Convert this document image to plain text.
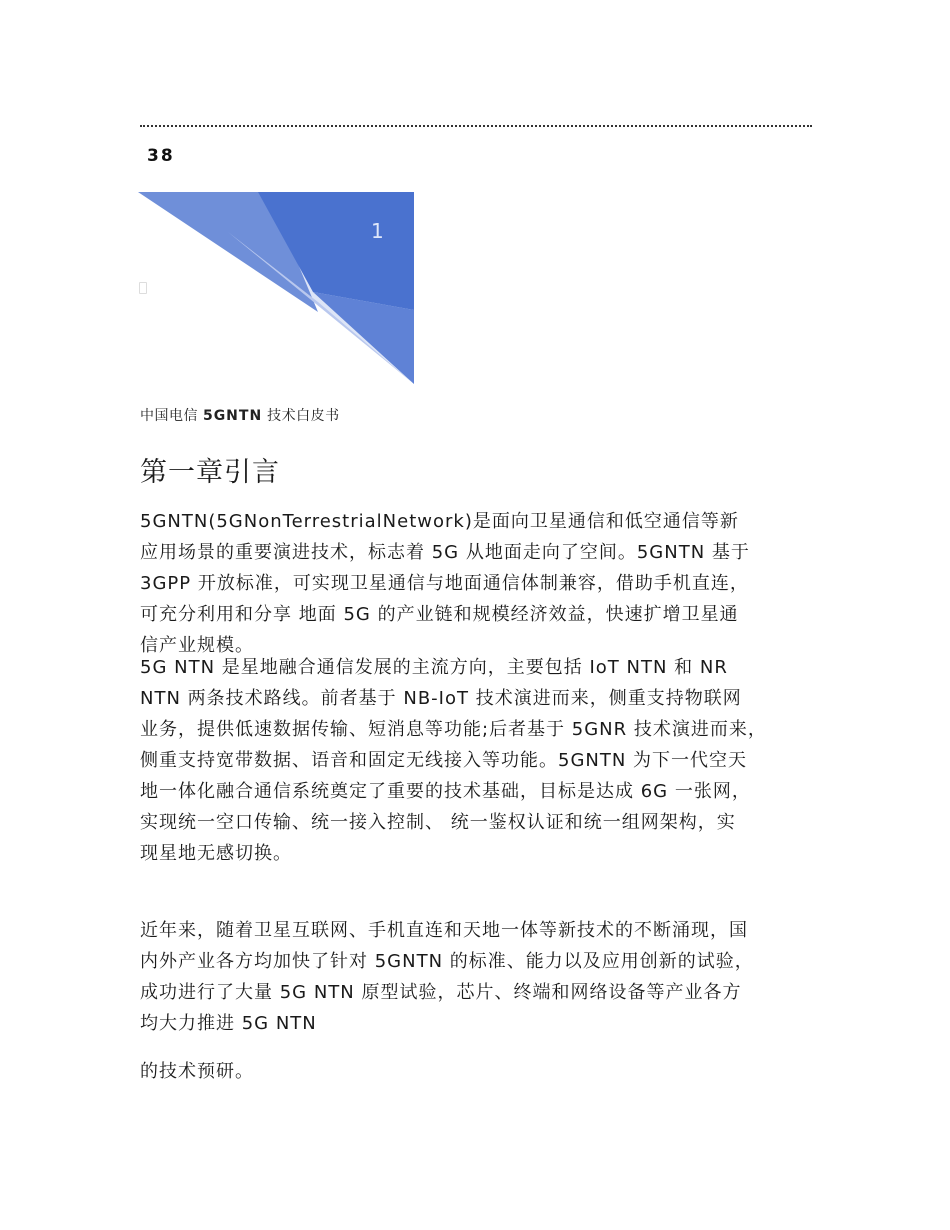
38
1
中国电信 5GNTN 技术白皮书
第一章引言

5GNTN(5GNonTerrestrialNetwork)是面向卫星通信和低空通信等新
应用场景的重要演进技术，标志着 5G 从地面走向了空间。5GNTN 基于
3GPP 开放标准，可实现卫星通信与地面通信体制兼容，借助手机直连，
可充分利用和分享 地面 5G 的产业链和规模经济效益，快速扩增卫星通
信产业规模。

5G NTN 是星地融合通信发展的主流方向，主要包括 IoT NTN 和 NR
NTN 两条技术路线。前者基于 NB-IoT 技术演进而来，侧重支持物联网
业务，提供低速数据传输、短消息等功能;后者基于 5GNR 技术演进而来，
侧重支持宽带数据、语音和固定无线接入等功能。5GNTN 为下一代空天
地一体化融合通信系统奠定了重要的技术基础，目标是达成 6G 一张网，
实现统一空口传输、统一接入控制、 统一鉴权认证和统一组网架构，实
现星地无感切换。

近年来，随着卫星互联网、手机直连和天地一体等新技术的不断涌现，国
内外产业各方均加快了针对 5GNTN 的标准、能力以及应用创新的试验，
成功进行了大量 5G NTN 原型试验，芯片、终端和网络设备等产业各方
均大力推进 5G NTN

的技术预研。
